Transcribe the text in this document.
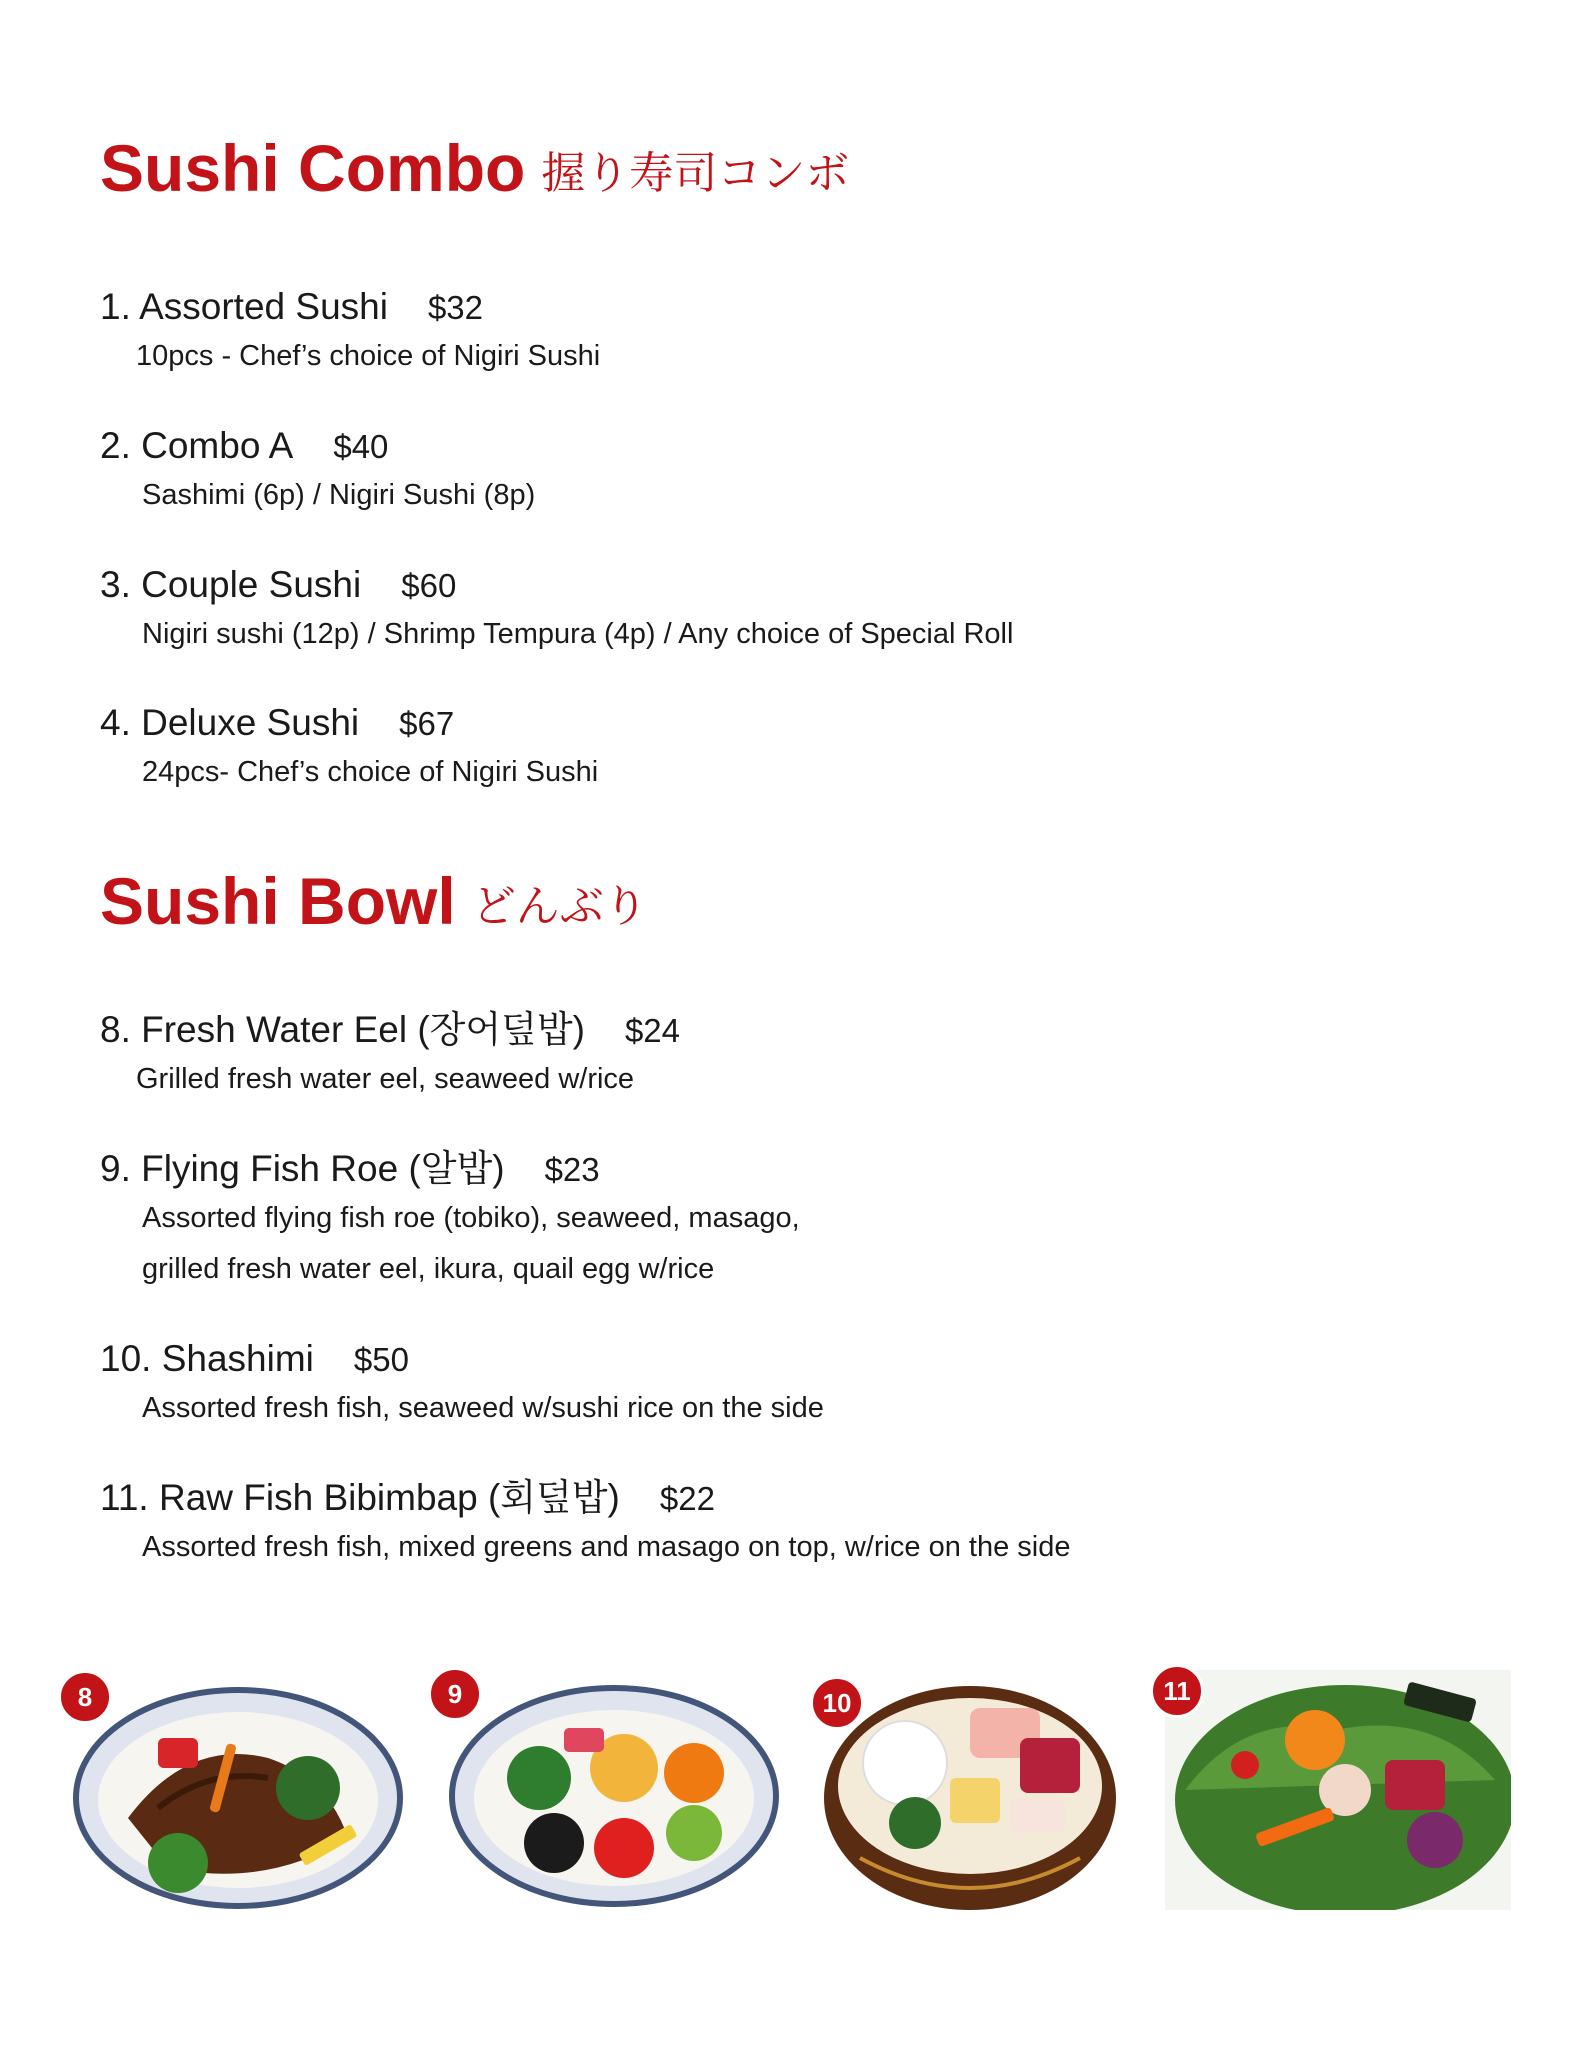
Sushi Combo 握り寿司コンボ
1. Assorted Sushi $32
10pcs - Chef’s choice of Nigiri Sushi
2. Combo A $40
Sashimi (6p) / Nigiri Sushi (8p)
3. Couple Sushi $60
Nigiri sushi (12p) / Shrimp Tempura (4p) / Any choice of Special Roll
4. Deluxe Sushi $67
24pcs- Chef’s choice of Nigiri Sushi
Sushi Bowl どんぶり
8. Fresh Water Eel (장어덮밥) $24
Grilled fresh water eel, seaweed w/rice
9. Flying Fish Roe (알밥) $23
Assorted flying fish roe (tobiko), seaweed, masago,
grilled fresh water eel, ikura, quail egg w/rice
10. Shashimi $50
Assorted fresh fish, seaweed w/sushi rice on the side
11. Raw Fish Bibimbap (회덮밥) $22
Assorted fresh fish, mixed greens and masago on top, w/rice on the side
8	9	10	11
